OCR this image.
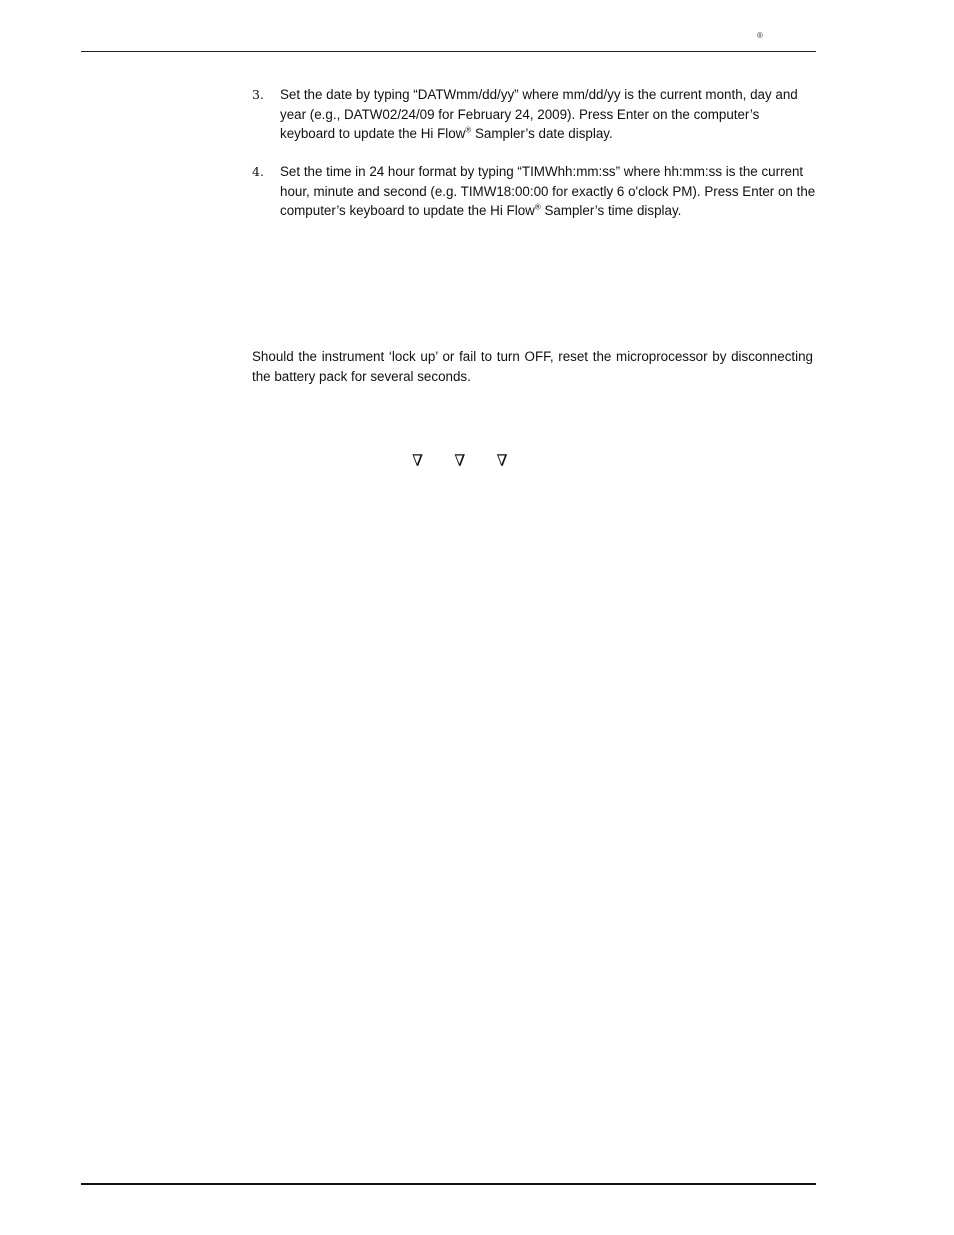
®
3.	Set the date by typing “DATWmm/dd/yy” where mm/dd/yy is the current month, day and year (e.g., DATW02/24/09 for February 24, 2009). Press Enter on the computer’s keyboard to update the Hi Flow® Sampler’s date display.
4.	Set the time in 24 hour format by typing “TIMWhh:mm:ss” where hh:mm:ss is the current hour, minute and second (e.g. TIMW18:00:00 for exactly 6 o'clock PM). Press Enter on the computer’s keyboard to update the Hi Flow® Sampler’s time display.

Should the instrument ‘lock up’ or fail to turn OFF, reset the microprocessor by disconnecting the battery pack for several seconds.

∇ ∇ ∇
